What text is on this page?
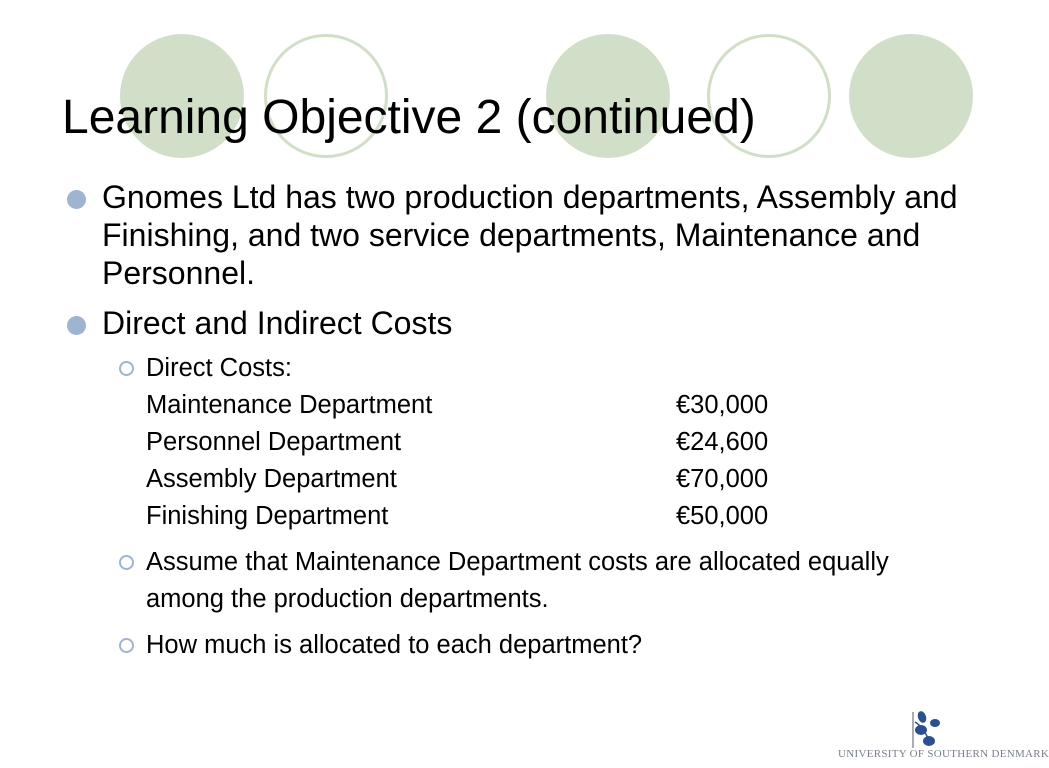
Learning Objective 2 (continued)
Gnomes Ltd has two production departments, Assembly and Finishing, and two service departments, Maintenance and Personnel.
Direct and Indirect Costs
Direct Costs:
Maintenance Department	€30,000
Personnel Department	€24,600
Assembly Department	€70,000
Finishing Department	€50,000
Assume that Maintenance Department costs are allocated equally among the production departments.
How much is allocated to each department?
UNIVERSITY OF SOUTHERN DENMARK
